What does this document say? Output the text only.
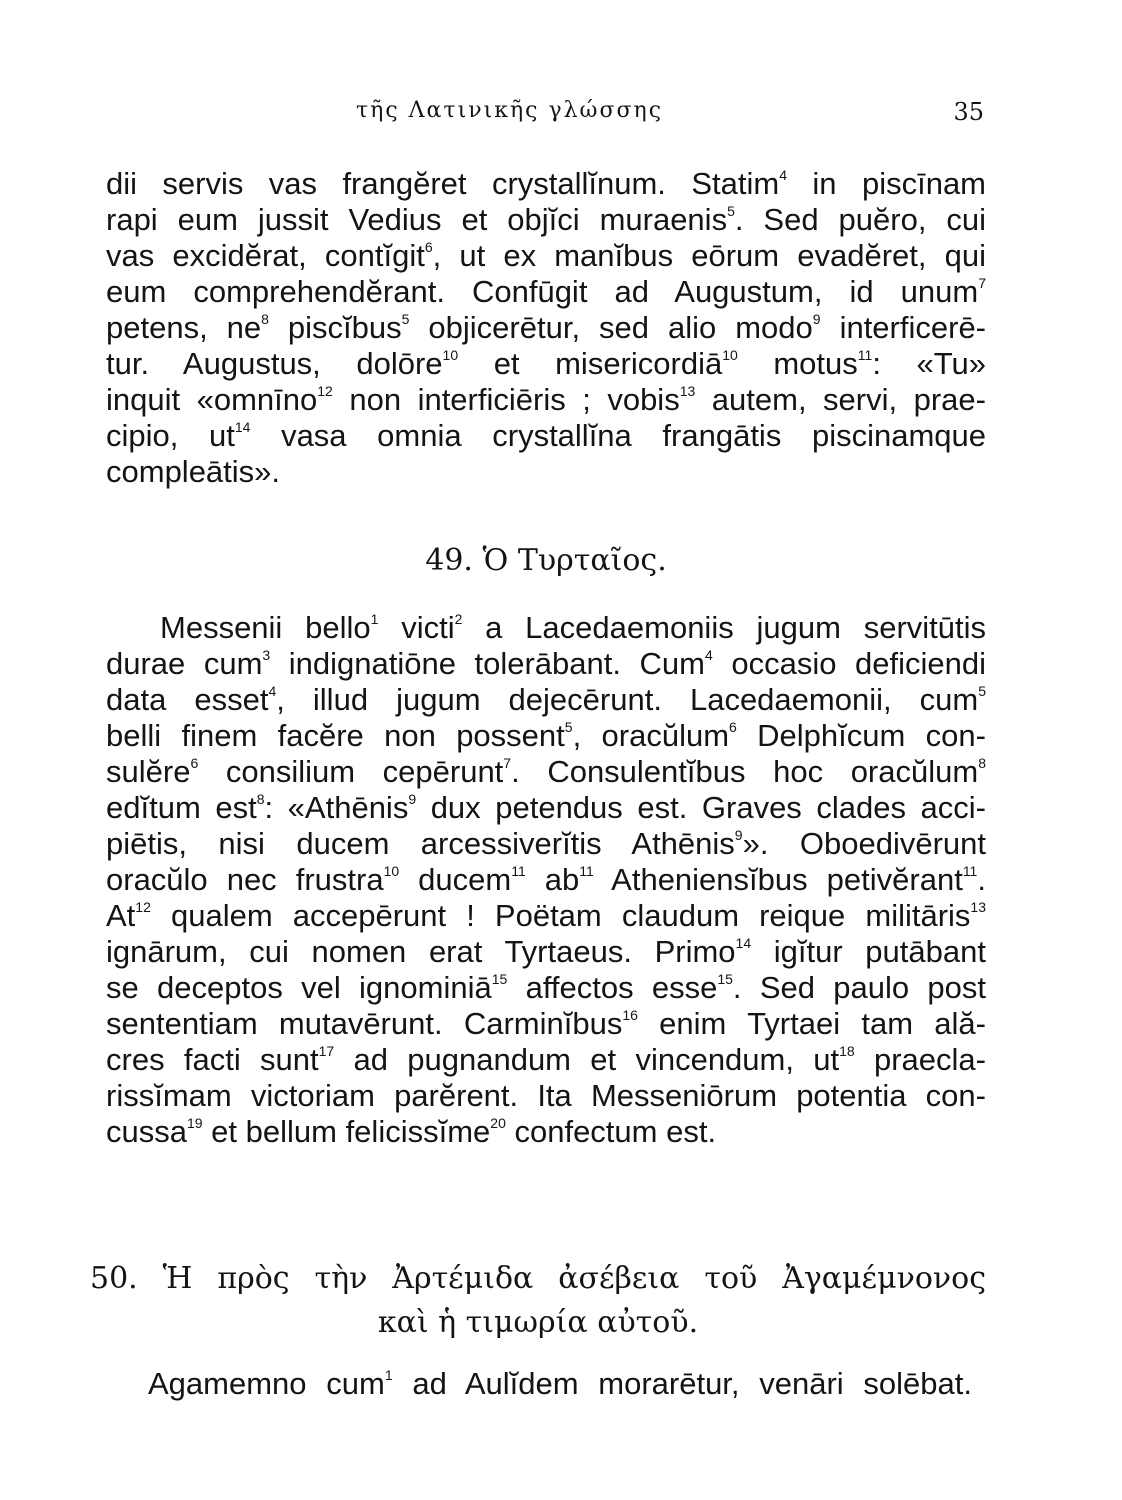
τῆς Λατινικῆς γλώσσης	35

dii servis vas frangĕret crystallĭnum. Statim$^4$ in piscīnam

rapi eum jussit Vedius et objĭci muraenis$^5$. Sed puĕro, cui

vas excidĕrat, contĭgit$^6$, ut ex manĭbus eōrum evadĕret, qui

eum comprehendĕrant. Confūgit ad Augustum, id unum$^7$

petens, $ne^8$ piscĭbus$^5$ objicerētur, sed alio modo$^9$ interficerē-

tur. Augustus, dolōre$^{10}$ et misericordiā$^{10}$ motus$^{11}$: «Tu»

inquit «omnīno$^{12}$ non interficiēris ; vobis$^{13}$ autem, servi, prae-

cipio, $ut^{14}$ vasa omnia crystallĭna frangātis piscinamque

compleātis».

49. Ὁ Τυρταῖος.

Messenii bello$^1$ victi$^2$ a Lacedaemoniis jugum servitūtis

durae cum$^3$ indignatiōne tolerābant. Cum$^4$ occasio deficiendi

data esset$^4$, illud jugum dejecērunt. Lacedaemonii, cum$^5$

belli finem facĕre non possent$^5$, oracŭlum$^6$ Delphĭcum con-

sulĕre$^6$ consilium cepērunt$^7$. Consulentĭbus hoc oracŭlum$^8$

edĭtum est$^8$: «Athēnis$^9$ dux petendus est. Graves clades acci-

piētis, nisi ducem arcessiverĭtis Athēnis$^9$». Oboedivērunt

oracŭlo nec frustra$^{10}$ ducem$^{11}$ $ab^{11}$ Atheniensĭbus petivĕrant$^{11}$.

At$^{12}$ qualem accepērunt ! Poëtam claudum reique militāris$^{13}$

ignārum, cui nomen erat Tyrtaeus. Primo$^{14}$ igĭtur putābant

se deceptos vel ignominiā$^{15}$ affectos esse$^{15}$. Sed paulo post

sententiam mutavērunt. Carminĭbus$^{16}$ enim Tyrtaei tam ală-

cres facti sunt$^{17}$ ad pugnandum et vincendum, $ut^{18}$ praecla-

rissĭmam victoriam parĕrent. Ita Messeniōrum potentia con-

cussa$^{19}$ et bellum felicissĭme$^{20}$ confectum est.

50. Ἡ πρὸς τὴν Ἀρτέμιδα ἀσέβεια τοῦ Ἀγαμέμνονος
καὶ ἡ τιμωρία αὐτοῦ.

Agamemno cum$^1$ ad Aulĭdem morarētur, venāri solēbat.
